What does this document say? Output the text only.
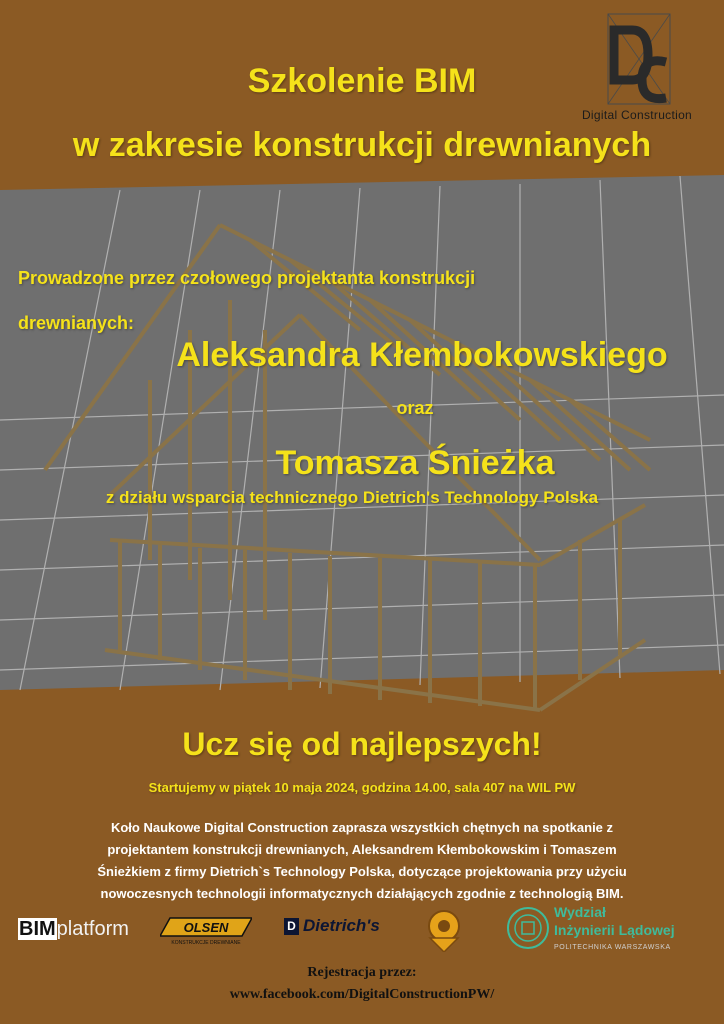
Digital Construction
Szkolenie BIM
w zakresie konstrukcji drewnianych
Prowadzone przez czołowego projektanta konstrukcji
drewnianych:
Aleksandra Kłembokowskiego
oraz
Tomasza Śnieżka
z działu wsparcia technicznego Dietrich's Technology Polska
Ucz się od najlepszych!
Startujemy w piątek 10 maja 2024, godzina 14.00, sala 407 na WIL PW
Koło Naukowe Digital Construction zaprasza wszystkich chętnych na spotkanie z
projektantem konstrukcji drewnianych, Aleksandrem Kłembokowskim i Tomaszem
Śnieżkiem z firmy Dietrich`s Technology Polska, dotyczące projektowania przy użyciu
nowoczesnych technologii informatycznych działających zgodnie z technologią BIM.
BIMplatform	OLSEN
KONSTRUKCJE DREWNIANE
D Dietrich's
Wydział
Inżynierii Lądowej
POLITECHNIKA WARSZAWSKA
Rejestracja przez:
www.facebook.com/DigitalConstructionPW/
